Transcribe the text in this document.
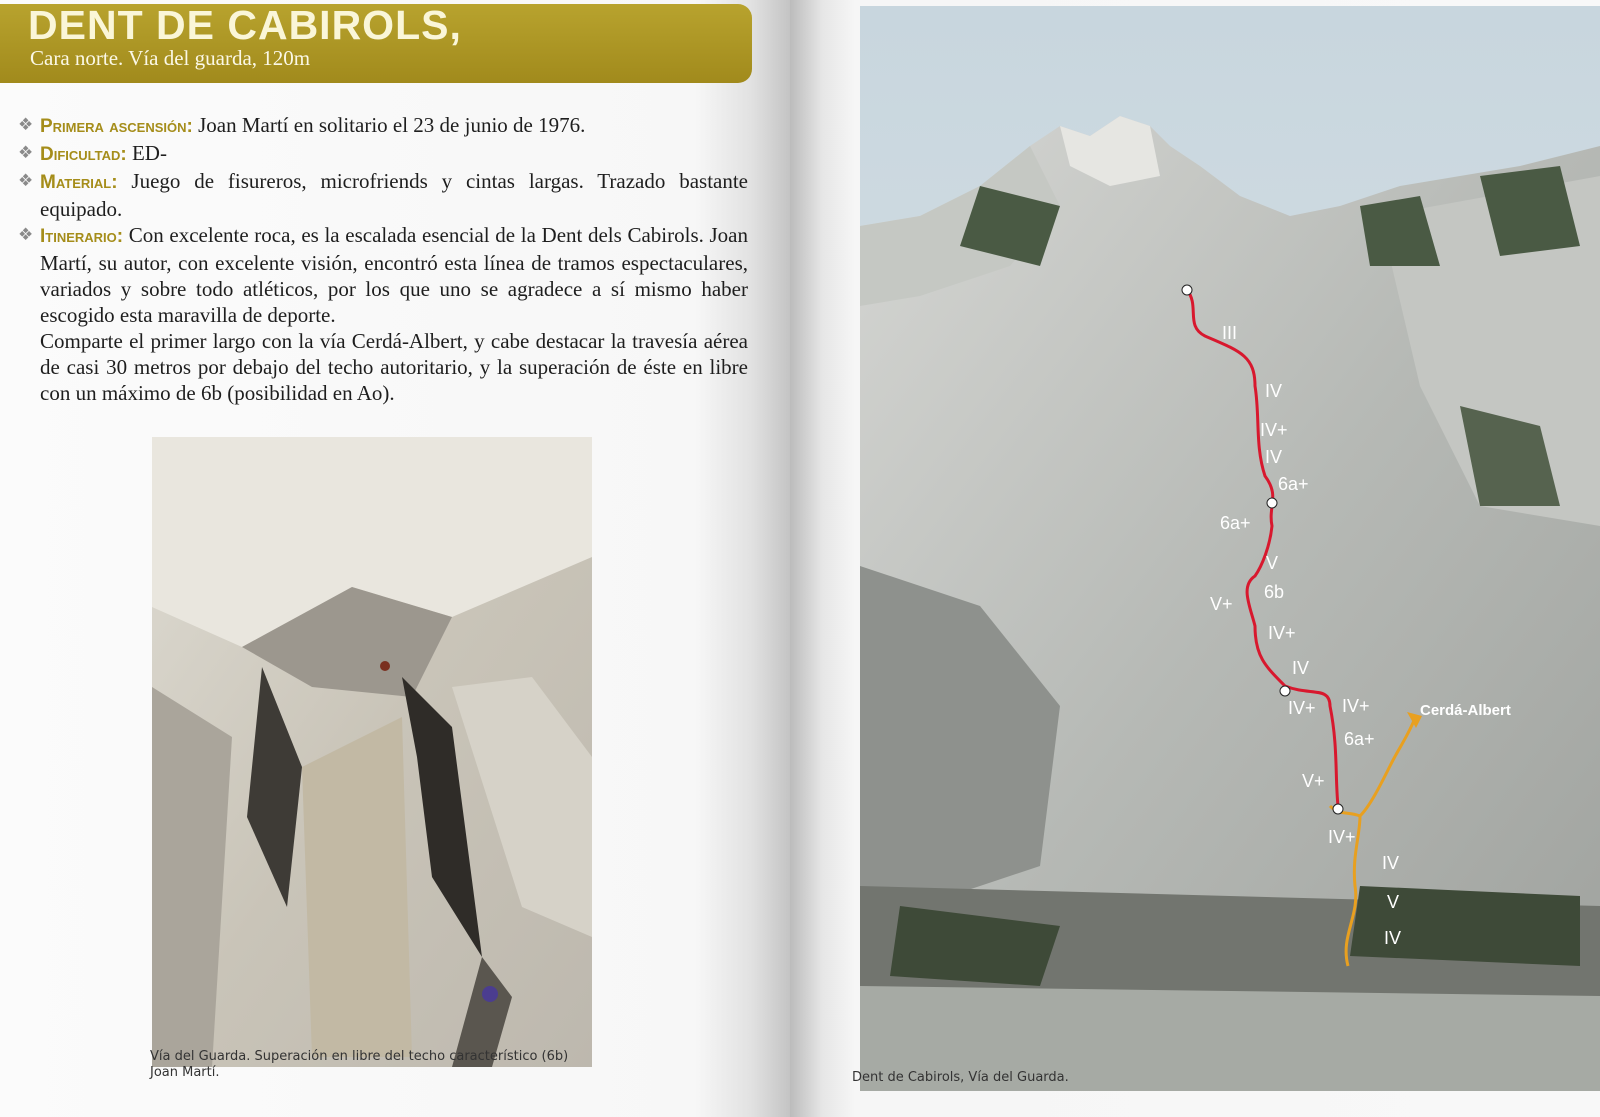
DENT DE CABIROLS,
Cara norte. Vía del guarda, 120m
❖ Primera ascensión: Joan Martí en solitario el 23 de junio de 1976.
❖ Dificultad: ED-
❖ Material: Juego de fisureros, microfriends y cintas largas. Trazado bastante equipado.
❖ Itinerario: Con excelente roca, es la escalada esencial de la Dent dels Cabirols. Joan Martí, su autor, con excelente visión, encontró esta línea de tramos espectaculares, variados y sobre todo atléticos, por los que uno se agradece a sí mismo haber escogido esta maravilla de deporte.
Comparte el primer largo con la vía Cerdá-Albert, y cabe destacar la travesía aérea de casi 30 metros por debajo del techo autoritario, y la superación de éste en libre con un máximo de 6b (posibilidad en Ao).
Vía del Guarda. Superación en libre del techo característico (6b)
Joan Martí.
III
IV
IV+
IV
6a+
6a+
V
6b
V+
IV+
IV
IV+ IV+
6a+
V+
IV+
IV
V
IV
Cerdá-Albert
Dent de Cabirols, Vía del Guarda.
